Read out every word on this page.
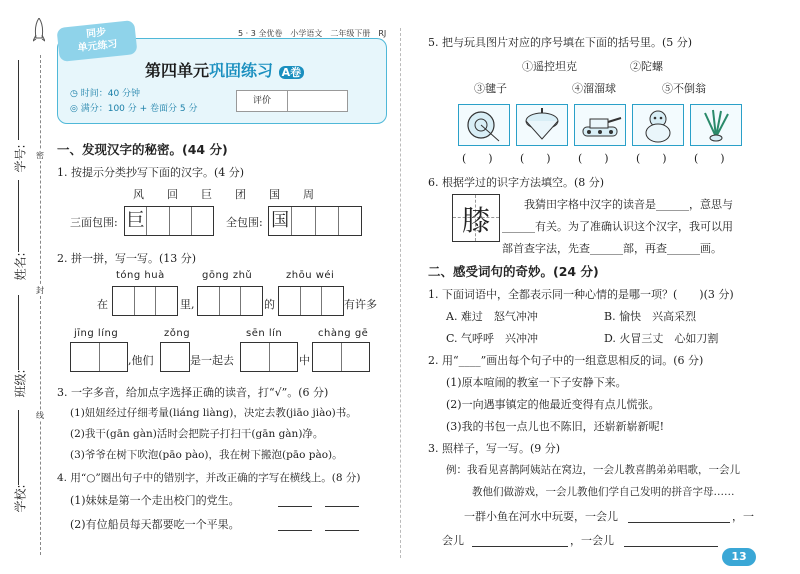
学号: 密
姓名:
封
班级:
线
学校:
同步
单元练习
5 · 3 全优卷　小学语文　二年级下册　RJ
第四单元巩固练习 A卷
◷ 时间：40 分钟
◎ 满分：100 分 + 卷面分 5 分
评价
一、发现汉字的秘密。(44 分)
1. 按提示分类抄写下面的汉字。(4 分)
风 回 巨 团 国 周
三面包围: 巨	全包围: 国
2. 拼一拼，写一写。(13 分)
tóng huà	gōng zhǔ	zhōu wéi
在	里,	的	有许多
jīng líng	zǒng	sēn lín	chàng gē
,他们	是一起去	中
3. 一字多音，给加点字选择正确的读音，打“√”。(6 分)
(1)妞妞经过仔细考量(liáng liàng)，决定去教(jiāo jiào)书。
(2)我干(gān gàn)活时会把院子打扫干(gān gàn)净。
(3)爷爷在树下吹泡(pāo pào)，我在树下搬泡(pāo pào)。
4. 用“○”圈出句子中的错别字，并改正确的字写在横线上。(8 分)
(1)妹妹是第一个走出校门的党生。
(2)有位船员每天都要吃一个平果。
5. 把与玩具图片对应的序号填在下面的括号里。(5 分)
①遥控坦克	②陀螺
③毽子	④溜溜球	⑤不倒翁
(　　) (　　) (　　) (　　) (　　)
6. 根据学过的识字方法填空。(8 分)
膝	我猜田字格中汉字的读音是______，意思与
______有关。为了准确认识这个汉字，我可以用
部首查字法，先查______部，再查______画。
二、感受词句的奇妙。(24 分)
1. 下面词语中，全都表示同一种心情的是哪一项？(　　)(3 分)
A. 难过　怒气冲冲	B. 愉快　兴高采烈
C. 气呼呼　兴冲冲	D. 火冒三丈　心如刀割
2. 用“____”画出每个句子中的一组意思相反的词。(6 分)
(1)原本喧闹的教室一下子安静下来。
(2)一向遇事镇定的他最近变得有点儿慌张。
(3)我的书包一点儿也不陈旧，还崭新崭新呢!
3. 照样子，写一写。(9 分)
例：我看见喜鹊阿姨站在窝边，一会儿教喜鹊弟弟唱歌，一会儿
教他们做游戏，一会儿教他们学自己发明的拼音字母……
一群小鱼在河水中玩耍，一会儿	，一
会儿	，一会儿
13
